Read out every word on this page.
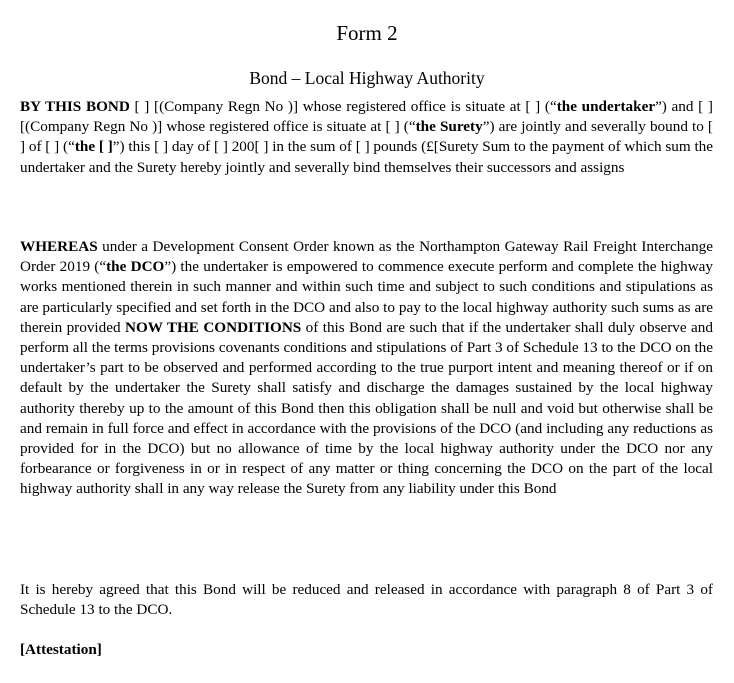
Form 2
Bond – Local Highway Authority

BY THIS BOND [ ] [(Company Regn No )] whose registered office is situate at [ ] (“the undertaker”) and [ ] [(Company Regn No )] whose registered office is situate at [ ] (“the Surety”) are jointly and severally bound to [ ] of [ ] (“the [ ]”) this [ ] day of [ ] 200[ ] in the sum of [ ] pounds (£[Surety Sum to the payment of which sum the undertaker and the Surety hereby jointly and severally bind themselves their successors and assigns

WHEREAS under a Development Consent Order known as the Northampton Gateway Rail Freight Interchange Order 2019 (“the DCO”) the undertaker is empowered to commence execute perform and complete the highway works mentioned therein in such manner and within such time and subject to such conditions and stipulations as are particularly specified and set forth in the DCO and also to pay to the local highway authority such sums as are therein provided NOW THE CONDITIONS of this Bond are such that if the undertaker shall duly observe and perform all the terms provisions covenants conditions and stipulations of Part 3 of Schedule 13 to the DCO on the undertaker’s part to be observed and performed according to the true purport intent and meaning thereof or if on default by the undertaker the Surety shall satisfy and discharge the damages sustained by the local highway authority thereby up to the amount of this Bond then this obligation shall be null and void but otherwise shall be and remain in full force and effect in accordance with the provisions of the DCO (and including any reductions as provided for in the DCO) but no allowance of time by the local highway authority under the DCO nor any forbearance or forgiveness in or in respect of any matter or thing concerning the DCO on the part of the local highway authority shall in any way release the Surety from any liability under this Bond

It is hereby agreed that this Bond will be reduced and released in accordance with paragraph 8 of Part 3 of Schedule 13 to the DCO.

[Attestation]
